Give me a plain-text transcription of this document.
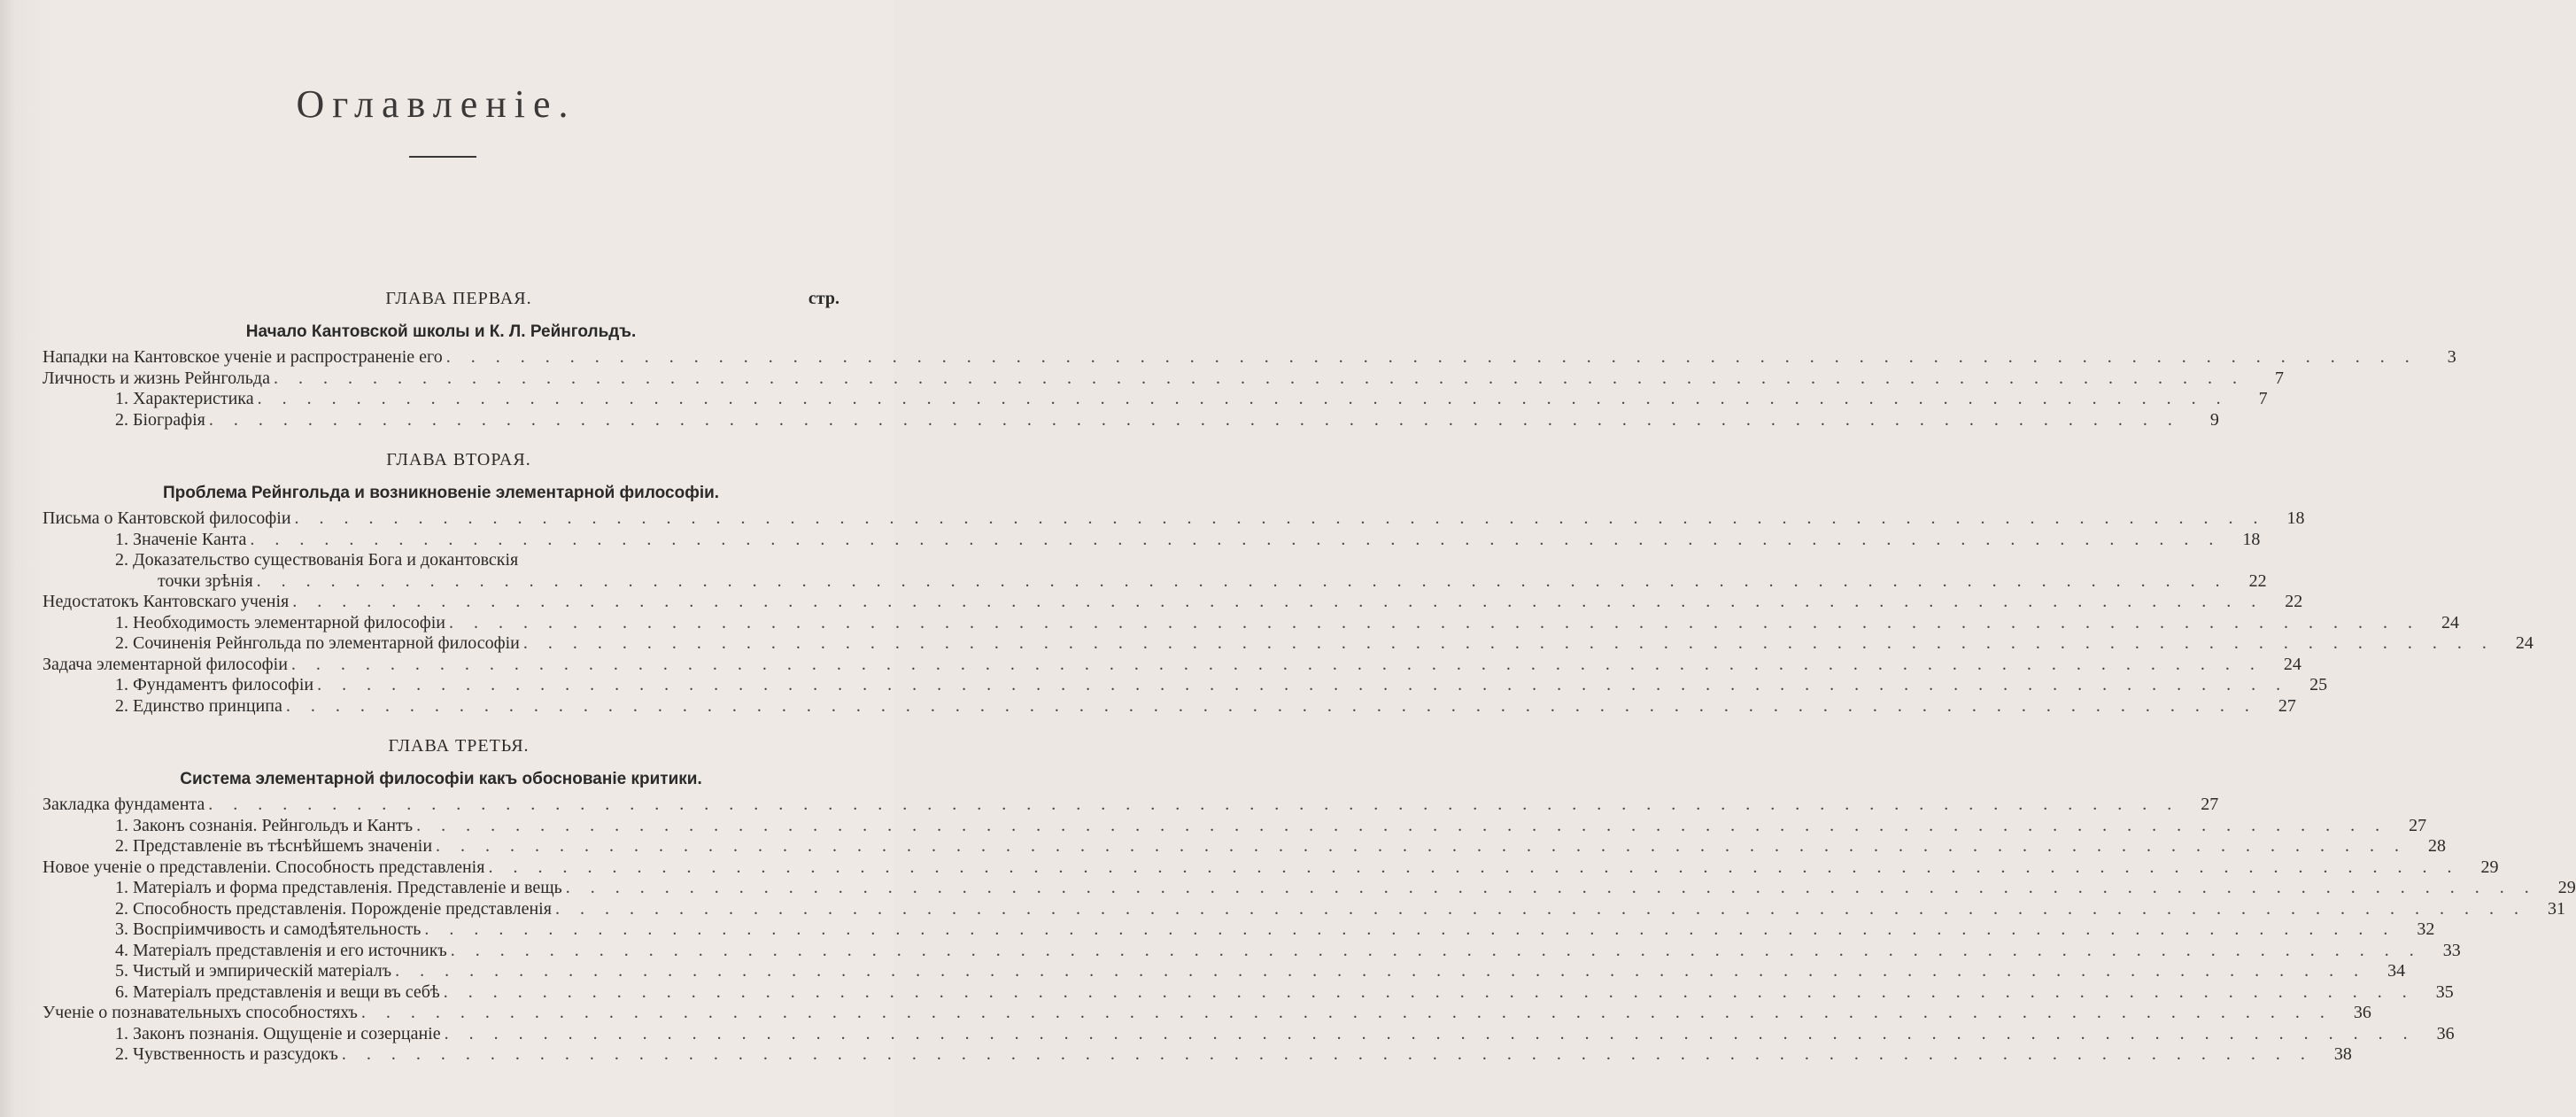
Оглавленіе.
ГЛАВА ПЕРВАЯ.	стр.
Начало Кантовской школы и К. Л. Рейнгольдъ.
Нападки на Кантовское ученіе и распространеніе его . . . . . . . . . . . . . . . . . . . . . . . . . . . . . . . . . . . . . . . . . . . . . . . . . . . . . . . . . . . . . . . . . . . . . . . . . . . . . . . .	3
Личность и жизнь Рейнгольда . . . . . . . . . . . . . . . . . . . . . . . . . . . . . . . . . . . . . . . . . . . . . . . . . . . . . . . . . . . . . . . . . . . . . . . . . . . . . . . .	7
1. Характеристика . . . . . . . . . . . . . . . . . . . . . . . . . . . . . . . . . . . . . . . . . . . . . . . . . . . . . . . . . . . . . . . . . . . . . . . . . . . . . . . .	7
2. Біографія . . . . . . . . . . . . . . . . . . . . . . . . . . . . . . . . . . . . . . . . . . . . . . . . . . . . . . . . . . . . . . . . . . . . . . . . . . . . . . . .	9
ГЛАВА ВТОРАЯ.
Проблема Рейнгольда и возникновеніе элементарной философіи.
Письма о Кантовской философіи . . . . . . . . . . . . . . . . . . . . . . . . . . . . . . . . . . . . . . . . . . . . . . . . . . . . . . . . . . . . . . . . . . . . . . . . . . . . . . . .	18
1. Значеніе Канта . . . . . . . . . . . . . . . . . . . . . . . . . . . . . . . . . . . . . . . . . . . . . . . . . . . . . . . . . . . . . . . . . . . . . . . . . . . . . . . .	18
2. Доказательство существованія Бога и докантовскія
точки зрѣнія . . . . . . . . . . . . . . . . . . . . . . . . . . . . . . . . . . . . . . . . . . . . . . . . . . . . . . . . . . . . . . . . . . . . . . . . . . . . . . . .	22
Недостатокъ Кантовскаго ученія . . . . . . . . . . . . . . . . . . . . . . . . . . . . . . . . . . . . . . . . . . . . . . . . . . . . . . . . . . . . . . . . . . . . . . . . . . . . . . . .	22
1. Необходимость элементарной философіи . . . . . . . . . . . . . . . . . . . . . . . . . . . . . . . . . . . . . . . . . . . . . . . . . . . . . . . . . . . . . . . . . . . . . . . . . . . . . . . .	24
2. Сочиненія Рейнгольда по элементарной философіи . . . . . . . . . . . . . . . . . . . . . . . . . . . . . . . . . . . . . . . . . . . . . . . . . . . . . . . . . . . . . . . . . . . . . . . . . . . . . . . .	24
Задача элементарной философіи . . . . . . . . . . . . . . . . . . . . . . . . . . . . . . . . . . . . . . . . . . . . . . . . . . . . . . . . . . . . . . . . . . . . . . . . . . . . . . . .	24
1. Фундаментъ философіи . . . . . . . . . . . . . . . . . . . . . . . . . . . . . . . . . . . . . . . . . . . . . . . . . . . . . . . . . . . . . . . . . . . . . . . . . . . . . . . .	25
2. Единство принципа . . . . . . . . . . . . . . . . . . . . . . . . . . . . . . . . . . . . . . . . . . . . . . . . . . . . . . . . . . . . . . . . . . . . . . . . . . . . . . . .	27
ГЛАВА ТРЕТЬЯ.
Система элементарной философіи какъ обоснованіе критики.
Закладка фундамента . . . . . . . . . . . . . . . . . . . . . . . . . . . . . . . . . . . . . . . . . . . . . . . . . . . . . . . . . . . . . . . . . . . . . . . . . . . . . . . .	27
1. Законъ сознанія. Рейнгольдъ и Кантъ . . . . . . . . . . . . . . . . . . . . . . . . . . . . . . . . . . . . . . . . . . . . . . . . . . . . . . . . . . . . . . . . . . . . . . . . . . . . . . . .	27
2. Представленіе въ тѣснѣйшемъ значеніи . . . . . . . . . . . . . . . . . . . . . . . . . . . . . . . . . . . . . . . . . . . . . . . . . . . . . . . . . . . . . . . . . . . . . . . . . . . . . . . .	28
Новое ученіе о представленіи. Способность представленія . . . . . . . . . . . . . . . . . . . . . . . . . . . . . . . . . . . . . . . . . . . . . . . . . . . . . . . . . . . . . . . . . . . . . . . . . . . . . . . .	29
1. Матеріалъ и форма представленія. Представленіе и вещь . . . . . . . . . . . . . . . . . . . . . . . . . . . . . . . . . . . . . . . . . . . . . . . . . . . . . . . . . . . . . . . . . . . . . . . . . . . . . . . .	29
2. Способность представленія. Порожденіе представленія . . . . . . . . . . . . . . . . . . . . . . . . . . . . . . . . . . . . . . . . . . . . . . . . . . . . . . . . . . . . . . . . . . . . . . . . . . . . . . . .	31
3. Воспріимчивость и самодѣятельность . . . . . . . . . . . . . . . . . . . . . . . . . . . . . . . . . . . . . . . . . . . . . . . . . . . . . . . . . . . . . . . . . . . . . . . . . . . . . . . .	32
4. Матеріалъ представленія и его источникъ . . . . . . . . . . . . . . . . . . . . . . . . . . . . . . . . . . . . . . . . . . . . . . . . . . . . . . . . . . . . . . . . . . . . . . . . . . . . . . . .	33
5. Чистый и эмпирическій матеріалъ . . . . . . . . . . . . . . . . . . . . . . . . . . . . . . . . . . . . . . . . . . . . . . . . . . . . . . . . . . . . . . . . . . . . . . . . . . . . . . . .	34
6. Матеріалъ представленія и вещи въ себѣ . . . . . . . . . . . . . . . . . . . . . . . . . . . . . . . . . . . . . . . . . . . . . . . . . . . . . . . . . . . . . . . . . . . . . . . . . . . . . . . .	35
Ученіе о познавательныхъ способностяхъ . . . . . . . . . . . . . . . . . . . . . . . . . . . . . . . . . . . . . . . . . . . . . . . . . . . . . . . . . . . . . . . . . . . . . . . . . . . . . . . .	36
1. Законъ познанія. Ощущеніе и созерцаніе . . . . . . . . . . . . . . . . . . . . . . . . . . . . . . . . . . . . . . . . . . . . . . . . . . . . . . . . . . . . . . . . . . . . . . . . . . . . . . . .	36
2. Чувственность и разсудокъ . . . . . . . . . . . . . . . . . . . . . . . . . . . . . . . . . . . . . . . . . . . . . . . . . . . . . . . . . . . . . . . . . . . . . . . . . . . . . . . .	38
